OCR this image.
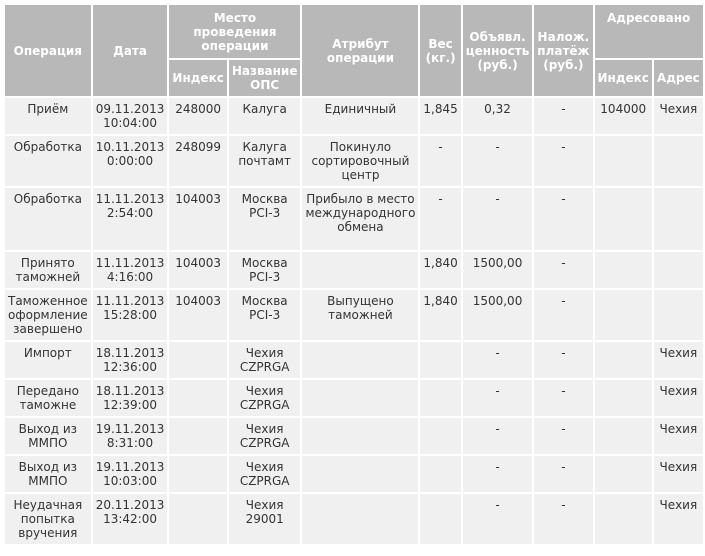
Операция	Дата	Место проведения операции		Атрибут операции	Вес (кг.)	Объявл. ценность (руб.)	Налож. платёж (руб.)	Адресовано	
		Индекс	Название ОПС					Индекс	Адрес
Приём	09.11.2013 10:04:00	248000	Калуга	Единичный	1,845	0,32	-	104000	Чехия
Обработка	10.11.2013 0:00:00	248099	Калуга почтамт	Покинуло сортировочный центр	-	-	-		
Обработка	11.11.2013 2:54:00	104003	Москва PCI-3	Прибыло в место международного обмена	-	-	-		
Принято таможней	11.11.2013 4:16:00	104003	Москва PCI-3		1,840	1500,00	-		
Таможенное оформление завершено	11.11.2013 15:28:00	104003	Москва PCI-3	Выпущено таможней	1,840	1500,00	-		
Импорт	18.11.2013 12:36:00		Чехия CZPRGA			-	-		Чехия
Передано таможне	18.11.2013 12:39:00		Чехия CZPRGA			-	-		Чехия
Выход из ММПО	19.11.2013 8:31:00		Чехия CZPRGA			-	-		Чехия
Выход из ММПО	19.11.2013 10:03:00		Чехия CZPRGA			-	-		Чехия
Неудачная попытка вручения	20.11.2013 13:42:00		Чехия 29001			-	-		Чехия
